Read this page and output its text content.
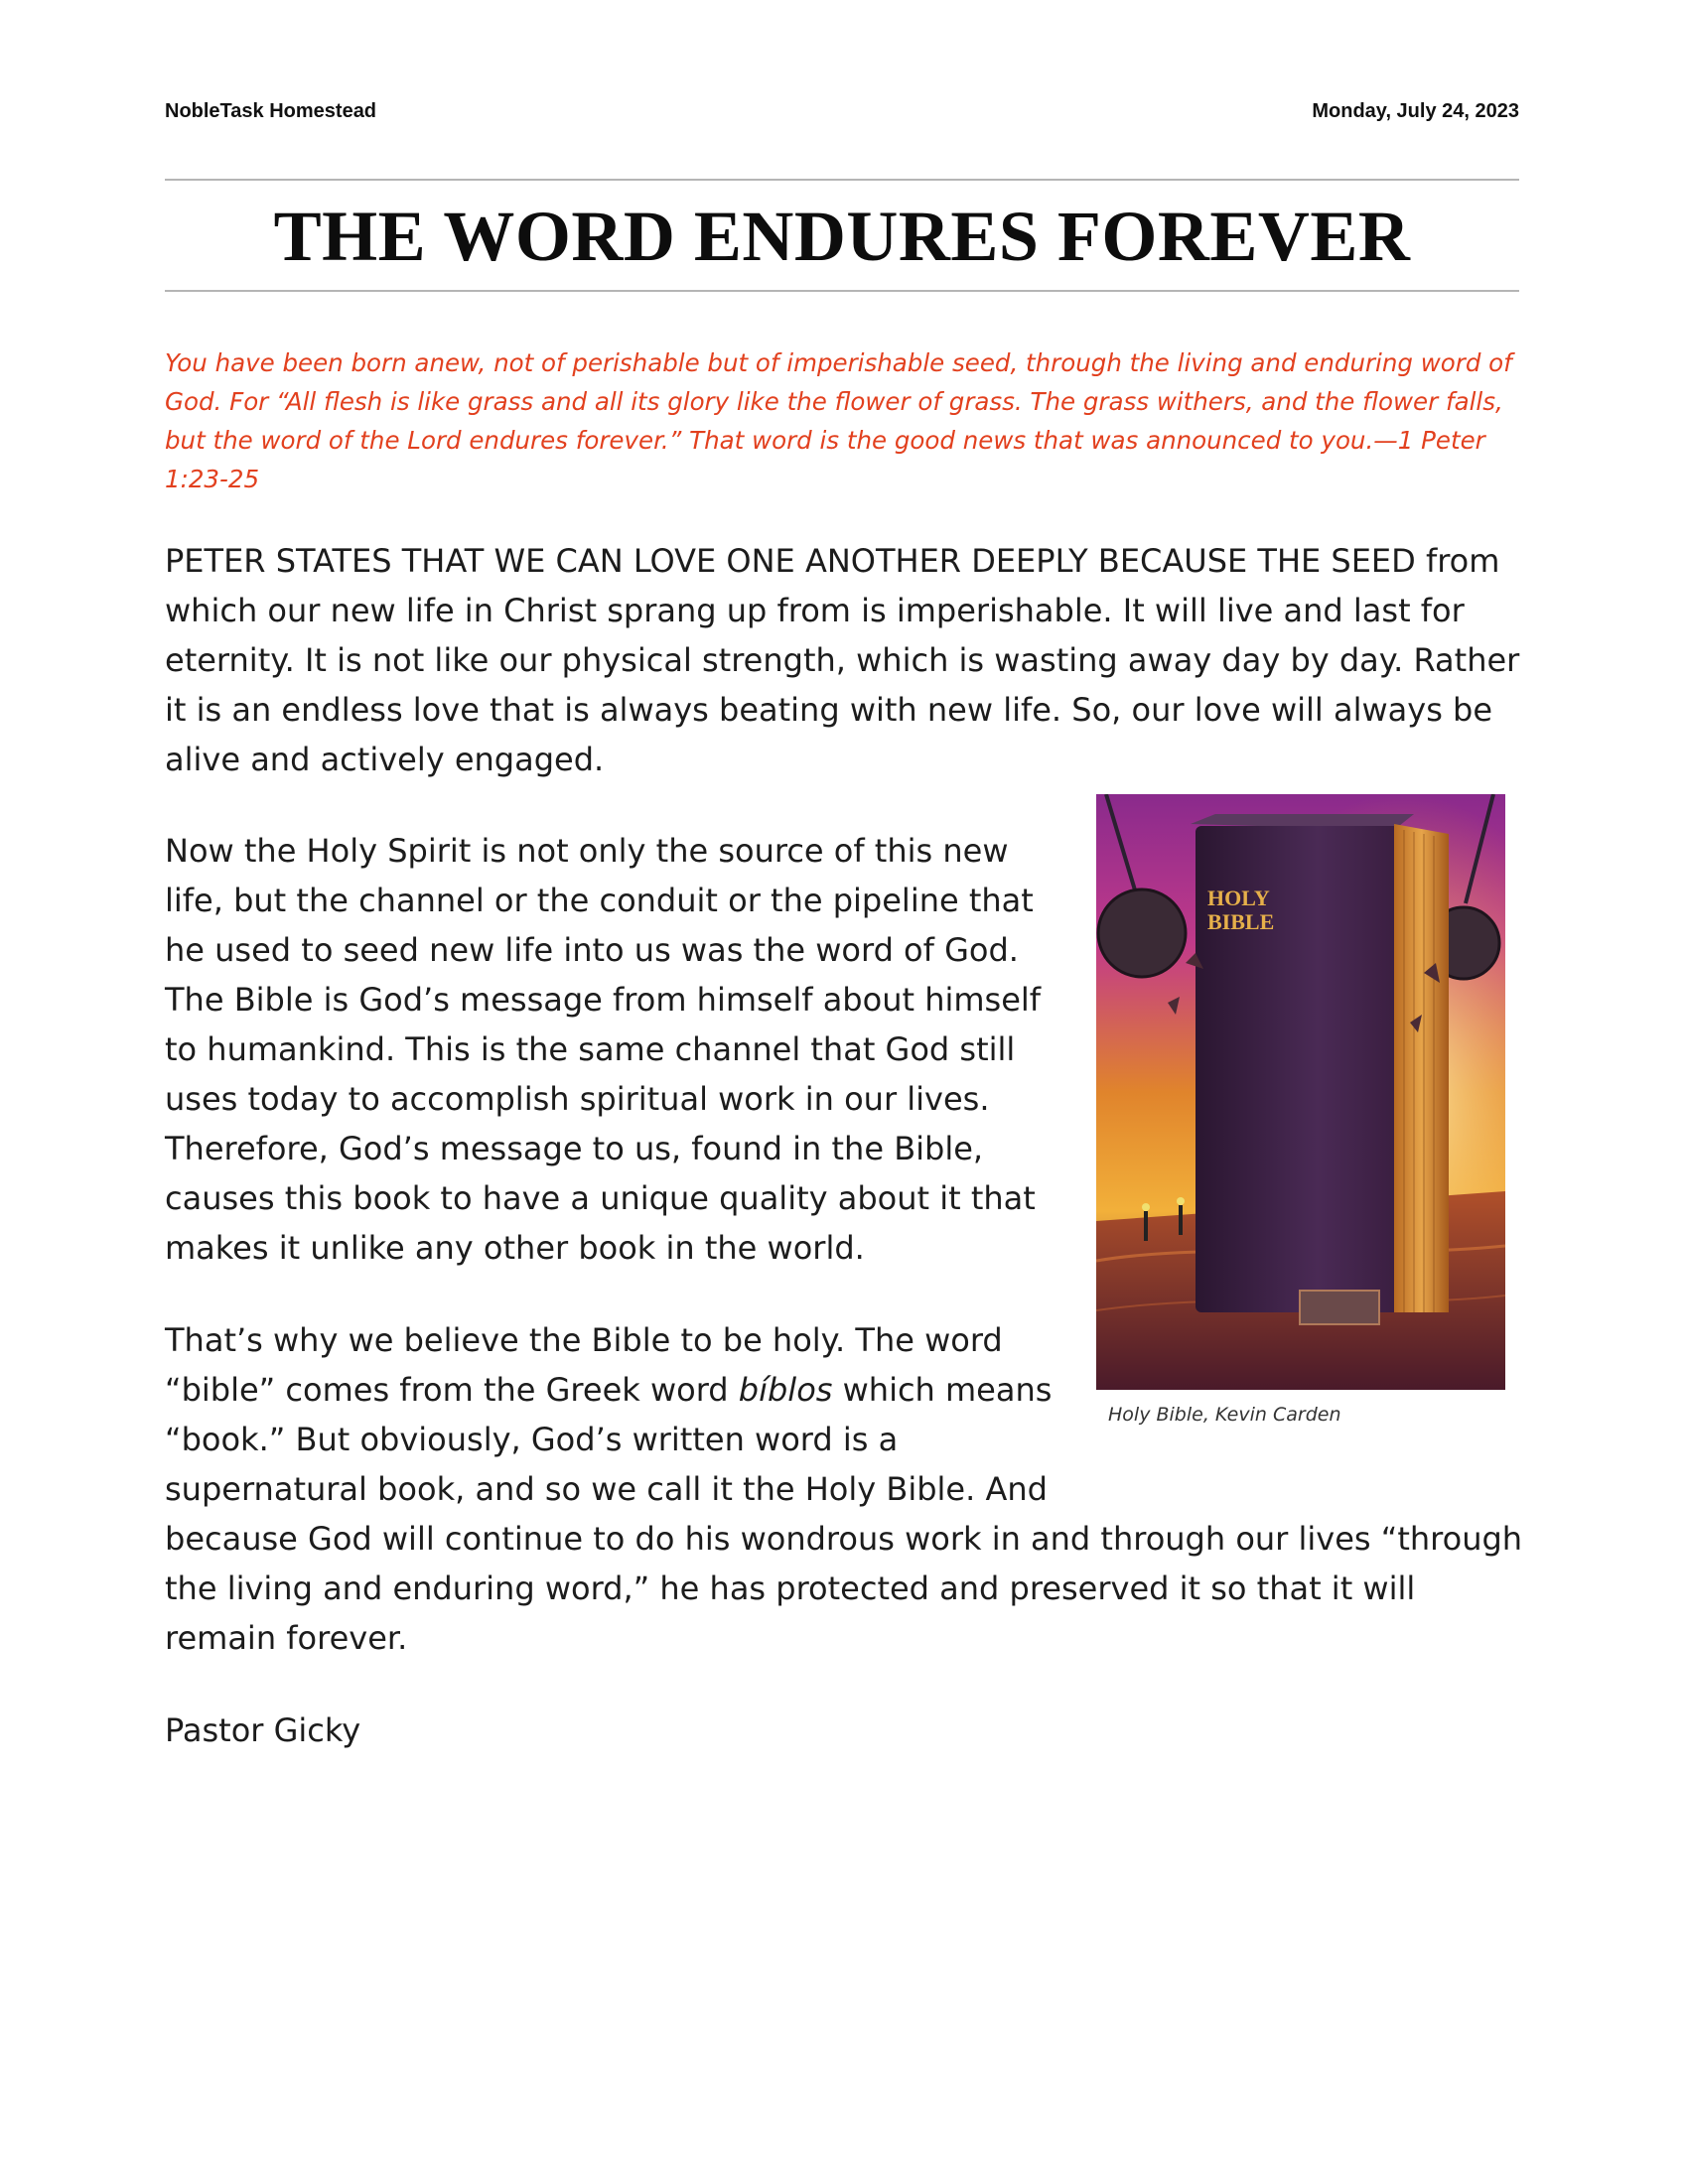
NobleTask Homestead	Monday, July 24, 2023
THE WORD ENDURES FOREVER

You have been born anew, not of perishable but of imperishable seed, through the living and enduring word of God. For “All flesh is like grass and all its glory like the flower of grass. The grass withers, and the flower falls, but the word of the Lord endures forever.” That word is the good news that was announced to you.—1 Peter 1:23-25

PETER STATES THAT WE CAN LOVE ONE ANOTHER DEEPLY BECAUSE THE SEED from which our new life in Christ sprang up from is imperishable. It will live and last for eternity. It is not like our physical strength, which is wasting away day by day. Rather it is an endless love that is always beating with new life. So, our love will always be alive and actively engaged.

Now the Holy Spirit is not only the source of this new life, but the channel or the conduit or the pipeline that he used to seed new life into us was the word of God. The Bible is God’s message from himself about himself to humankind. This is the same channel that God still uses today to accomplish spiritual work in our lives. Therefore, God’s message to us, found in the Bible, causes this book to have a unique quality about it that makes it unlike any other book in the world.

That’s why we believe the Bible to be holy. The word “bible” comes from the Greek word bíblos which means “book.” But obviously, God’s written word is a supernatural book, and so we call it the Holy Bible. And
because God will continue to do his wondrous work in and through our lives “through the living and enduring word,” he has protected and preserved it so that it will remain forever.

Pastor Gicky

HOLY
BIBLE
Holy Bible, Kevin Carden
